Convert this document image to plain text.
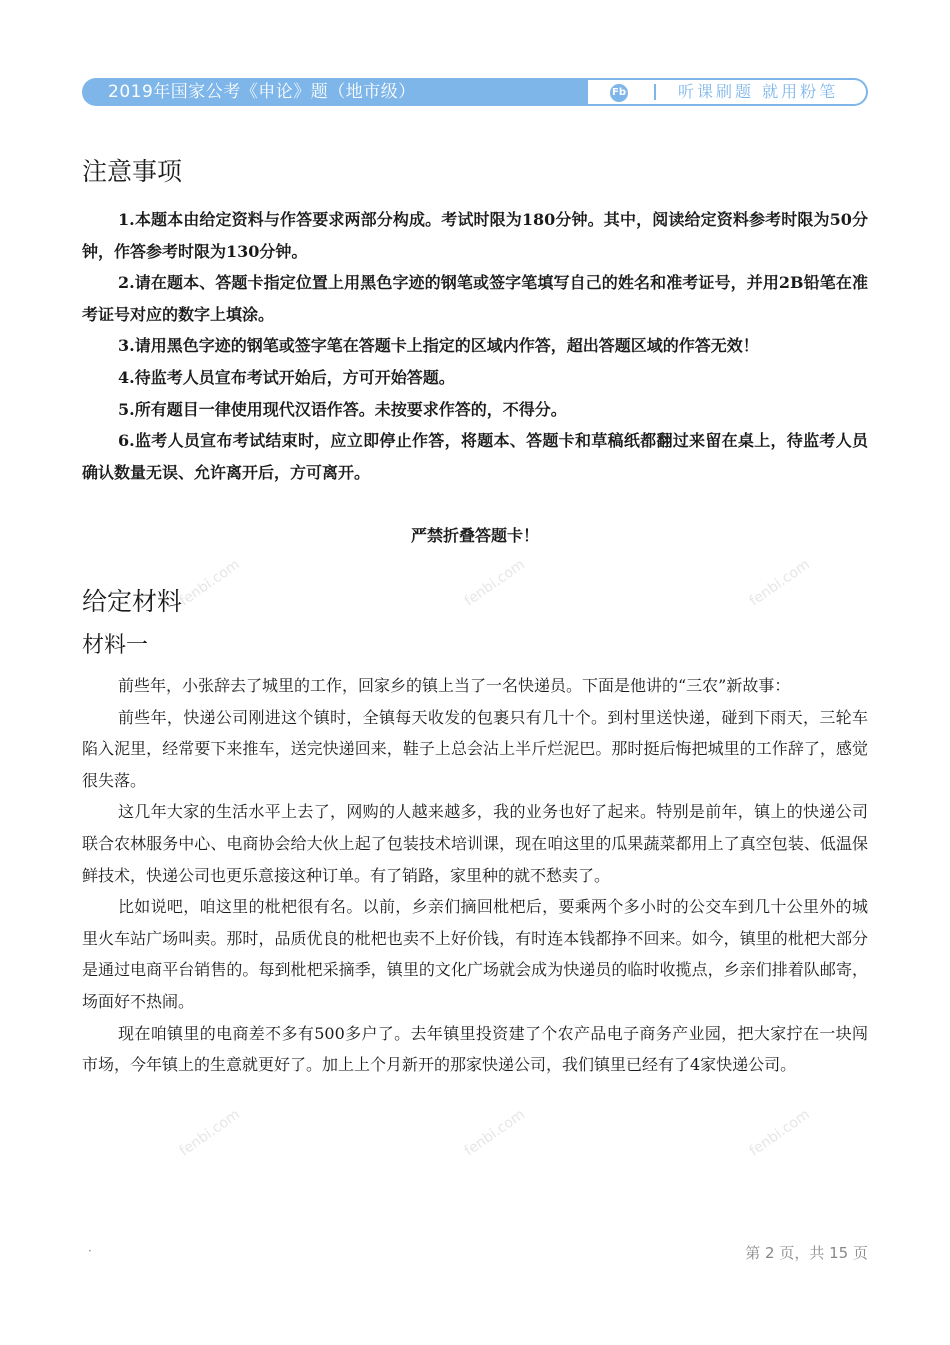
2019年国家公考《申论》题（地市级）	Fb	听课刷题 就用粉笔
注意事项

1.本题本由给定资料与作答要求两部分构成。考试时限为180分钟。其中，阅读给定资料参考时限为50分钟，作答参考时限为130分钟。

2.请在题本、答题卡指定位置上用黑色字迹的钢笔或签字笔填写自己的姓名和准考证号，并用2B铅笔在准考证号对应的数字上填涂。

3.请用黑色字迹的钢笔或签字笔在答题卡上指定的区域内作答，超出答题区域的作答无效！

4.待监考人员宣布考试开始后，方可开始答题。

5.所有题目一律使用现代汉语作答。未按要求作答的，不得分。

6.监考人员宣布考试结束时，应立即停止作答，将题本、答题卡和草稿纸都翻过来留在桌上，待监考人员确认数量无误、允许离开后，方可离开。

严禁折叠答题卡！
给定材料
材料一

前些年，小张辞去了城里的工作，回家乡的镇上当了一名快递员。下面是他讲的“三农”新故事：

前些年，快递公司刚进这个镇时，全镇每天收发的包裹只有几十个。到村里送快递，碰到下雨天，三轮车陷入泥里，经常要下来推车，送完快递回来，鞋子上总会沾上半斤烂泥巴。那时挺后悔把城里的工作辞了，感觉很失落。

这几年大家的生活水平上去了，网购的人越来越多，我的业务也好了起来。特别是前年，镇上的快递公司联合农林服务中心、电商协会给大伙上起了包装技术培训课，现在咱这里的瓜果蔬菜都用上了真空包装、低温保鲜技术，快递公司也更乐意接这种订单。有了销路，家里种的就不愁卖了。

比如说吧，咱这里的枇杷很有名。以前，乡亲们摘回枇杷后，要乘两个多小时的公交车到几十公里外的城里火车站广场叫卖。那时，品质优良的枇杷也卖不上好价钱，有时连本钱都挣不回来。如今，镇里的枇杷大部分是通过电商平台销售的。每到枇杷采摘季，镇里的文化广场就会成为快递员的临时收揽点，乡亲们排着队邮寄，场面好不热闹。

现在咱镇里的电商差不多有500多户了。去年镇里投资建了个农产品电子商务产业园，把大家拧在一块闯市场，今年镇上的生意就更好了。加上上个月新开的那家快递公司，我们镇里已经有了4家快递公司。

fenbi.com	fenbi.com	fenbi.com
fenbi.com	fenbi.com	fenbi.com
·	第 2 页，共 15 页
